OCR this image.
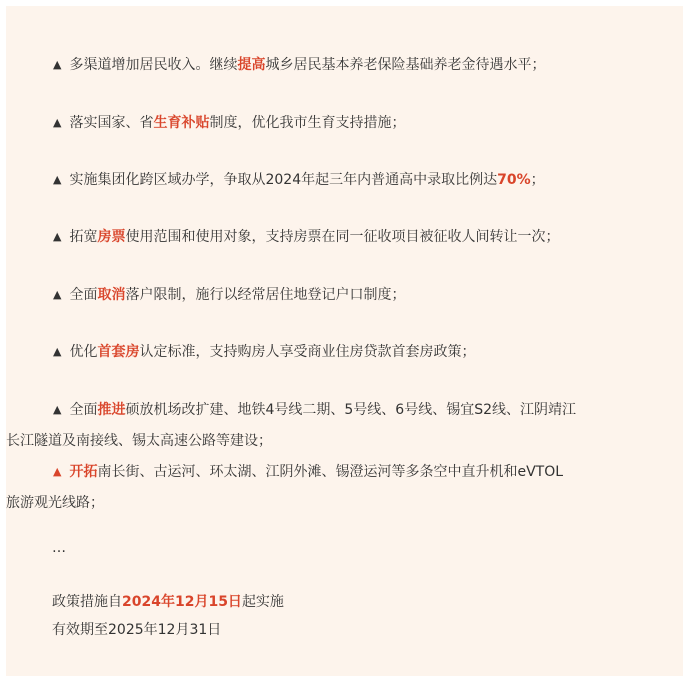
▲ 多渠道增加居民收入。继续提高城乡居民基本养老保险基础养老金待遇水平；
▲ 落实国家、省生育补贴制度，优化我市生育支持措施；
▲ 实施集团化跨区域办学，争取从2024年起三年内普通高中录取比例达70%；
▲ 拓宽房票使用范围和使用对象，支持房票在同一征收项目被征收人间转让一次；
▲ 全面取消落户限制，施行以经常居住地登记户口制度；
▲ 优化首套房认定标准，支持购房人享受商业住房贷款首套房政策；
▲ 全面推进硕放机场改扩建、地铁4号线二期、5号线、6号线、锡宜S2线、江阴靖江
长江隧道及南接线、锡太高速公路等建设；
▲ 开拓南长街、古运河、环太湖、江阴外滩、锡澄运河等多条空中直升机和eVTOL
旅游观光线路；
…
政策措施自2024年12月15日起实施
有效期至2025年12月31日
